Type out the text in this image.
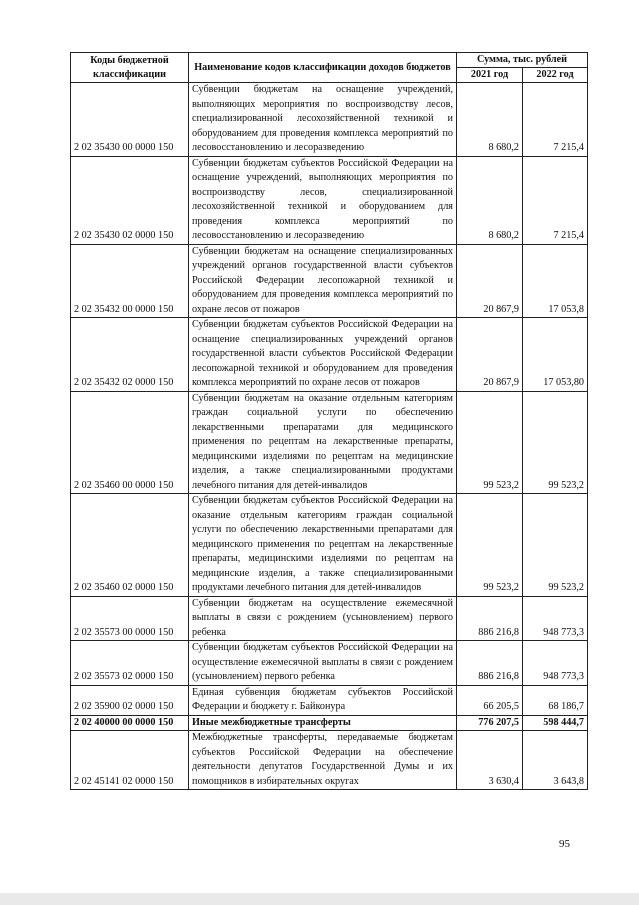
Коды бюджетной классификации	Наименование кодов классификации доходов бюджетов	Сумма, тыс. рублей	
		2021 год	2022 год
2 02 35430 00 0000 150	Субвенции бюджетам на оснащение учреждений, выполняющих мероприятия по воспроизводству лесов, специализированной лесохозяйственной техникой и оборудованием для проведения комплекса мероприятий по лесовосстановлению и лесоразведению	8 680,2	7 215,4
2 02 35430 02 0000 150	Субвенции бюджетам субъектов Российской Федерации на оснащение учреждений, выполняющих мероприятия по воспроизводству лесов, специализированной лесохозяйственной техникой и оборудованием для проведения комплекса мероприятий по лесовосстановлению и лесоразведению	8 680,2	7 215,4
2 02 35432 00 0000 150	Субвенции бюджетам на оснащение специализированных учреждений органов государственной власти субъектов Российской Федерации лесопожарной техникой и оборудованием для проведения комплекса мероприятий по охране лесов от пожаров	20 867,9	17 053,8
2 02 35432 02 0000 150	Субвенции бюджетам субъектов Российской Федерации на оснащение специализированных учреждений органов государственной власти субъектов Российской Федерации лесопожарной техникой и оборудованием для проведения комплекса мероприятий по охране лесов от пожаров	20 867,9	17 053,80
2 02 35460 00 0000 150	Субвенции бюджетам на оказание отдельным категориям граждан социальной услуги по обеспечению лекарственными препаратами для медицинского применения по рецептам на лекарственные препараты, медицинскими изделиями по рецептам на медицинские изделия, а также специализированными продуктами лечебного питания для детей-инвалидов	99 523,2	99 523,2
2 02 35460 02 0000 150	Субвенции бюджетам субъектов Российской Федерации на оказание отдельным категориям граждан социальной услуги по обеспечению лекарственными препаратами для медицинского применения по рецептам на лекарственные препараты, медицинскими изделиями по рецептам на медицинские изделия, а также специализированными продуктами лечебного питания для детей-инвалидов	99 523,2	99 523,2
2 02 35573 00 0000 150	Субвенции бюджетам на осуществление ежемесячной выплаты в связи с рождением (усыновлением) первого ребенка	886 216,8	948 773,3
2 02 35573 02 0000 150	Субвенции бюджетам субъектов Российской Федерации на осуществление ежемесячной выплаты в связи с рождением (усыновлением) первого ребенка	886 216,8	948 773,3
2 02 35900 02 0000 150	Единая субвенция бюджетам субъектов Российской Федерации и бюджету г. Байконура	66 205,5	68 186,7
2 02 40000 00 0000 150	Иные межбюджетные трансферты	776 207,5	598 444,7
2 02 45141 02 0000 150	Межбюджетные трансферты, передаваемые бюджетам субъектов Российской Федерации на обеспечение деятельности депутатов Государственной Думы и их помощников в избирательных округах	3 630,4	3 643,8
95
